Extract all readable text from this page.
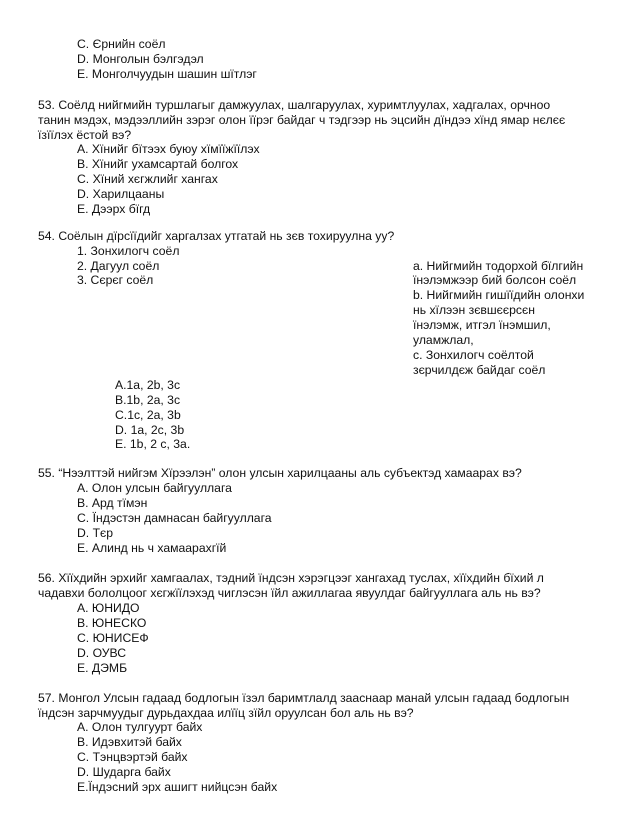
C. Єрнийн соёл
D. Монголын бэлгэдэл
E. Монголчуудын шашин шїтлэг
53. Соёлд нийгмийн туршлагыг дамжуулах, шалгаруулах, хуримтлуулах, хадгалах, орчноо
танин мэдэх, мэдээллийн зэрэг олон їїрэг байдаг ч тэдгээр нь эцсийн дїндээ хїнд ямар нєлєє
їзїїлэх ёстой вэ?
A. Хїнийг бїтээх буюу хїмїїжїїлэх
B. Хїнийг ухамсартай болгох
C. Хїний хєгжлийг хангах
D. Харилцааны
E. Дээрх бїгд
54. Соёлын дїрсїїдийг харгалзах утгатай нь зєв тохируулна уу?
1. Зонхилогч соёл
2. Дагуул соёл
3. Сєрєг соёл
a. Нийгмийн тодорхой бїлгийн
їнэлэмжээр бий болсон соёл
b. Нийгмийн гишїїдийн олонхи
нь хїлээн зєвшєєрсєн
їнэлэмж, итгэл їнэмшил,
уламжлал,
c. Зонхилогч соёлтой
зєрчилдєж байдаг соёл
A.1a, 2b, 3c
B.1b, 2a, 3c
C.1c, 2a, 3b
D. 1a, 2c, 3b
E. 1b, 2 c, 3a.
55. “Нээлттэй нийгэм Хїрээлэн” олон улсын харилцааны аль субъектэд хамаарах вэ?
A. Олон улсын байгууллага
B. Ард тїмэн
C. Їндэстэн дамнасан байгууллага
D. Тєр
E. Алинд нь ч хамаарахгїй
56. Хїїхдийн эрхийг хамгаалах, тэдний їндсэн хэрэгцээг хангахад туслах, хїїхдийн бїхий л
чадавхи бололцоог хєгжїїлэхэд чиглэсэн їйл ажиллагаа явуулдаг байгууллага аль нь вэ?
A. ЮНИДО
B. ЮНЕСКО
C. ЮНИСЕФ
D. ОУВС
E. ДЭМБ
57. Монгол Улсын гадаад бодлогын їзэл баримтлалд зааснаар манай улсын гадаад бодлогын
їндсэн зарчмуудыг дурьдахдаа илїїц зїйл оруулсан бол аль нь вэ?
A. Олон тулгуурт байх
B. Идэвхитэй байх
C. Тэнцвэртэй байх
D. Шударга байх
E.Їндэсний эрх ашигт нийцсэн байх
